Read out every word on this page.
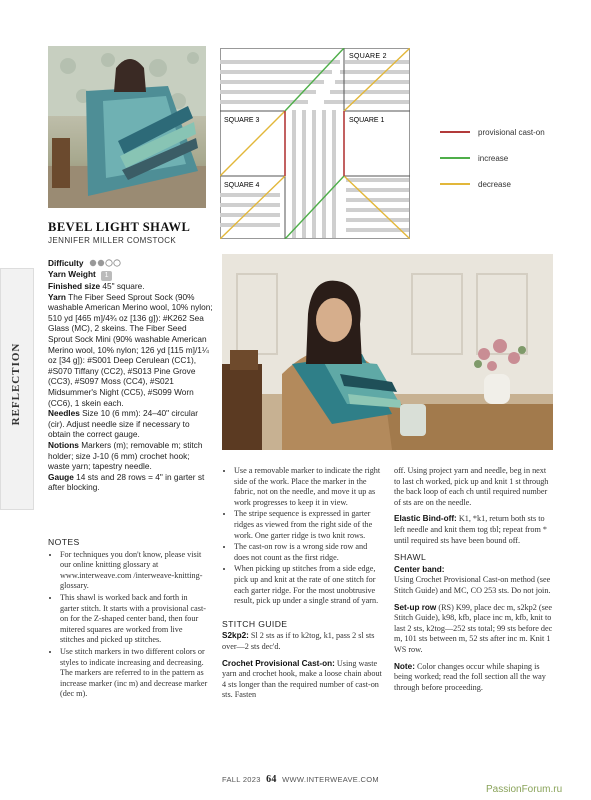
REFLECTION
SQUARE 2
SQUARE 3	SQUARE 1
SQUARE 4
provisional cast-on
increase
decrease
BEVEL LIGHT SHAWL
JENNIFER MILLER COMSTOCK
Difficulty
Yarn Weight 1
Finished size 45" square.
Yarn The Fiber Seed Sprout Sock (90% washable American Merino wool, 10% nylon; 510 yd [465 m]/4¾ oz [136 g]): #K262 Sea Glass (MC), 2 skeins. The Fiber Seed Sprout Sock Mini (90% washable American Merino wool, 10% nylon; 126 yd [115 m]/1¼ oz [34 g]): #S001 Deep Cerulean (CC1), #S070 Tiffany (CC2), #S013 Pine Grove (CC3), #S097 Moss (CC4), #S021 Midsummer's Night (CC5), #S099 Worn (CC6), 1 skein each.
Needles Size 10 (6 mm): 24–40" circular (cir). Adjust needle size if necessary to obtain the correct gauge.
Notions Markers (m); removable m; stitch holder; size J-10 (6 mm) crochet hook; waste yarn; tapestry needle.
Gauge 14 sts and 28 rows = 4" in garter st after blocking.
NOTES
• For techniques you don't know, please visit our online knitting glossary at www.interweave.com /interweave-knitting-glossary.
• This shawl is worked back and forth in garter stitch. It starts with a provisional cast-on for the Z-shaped center band, then four mitered squares are worked from live stitches and picked up stitches.
• Use stitch markers in two different colors or styles to indicate increasing and decreasing. The markers are referred to in the pattern as increase marker (inc m) and decrease marker (dec m).
• Use a removable marker to indicate the right side of the work. Place the marker in the fabric, not on the needle, and move it up as work progresses to keep it in view.
• The stripe sequence is expressed in garter ridges as viewed from the right side of the work. One garter ridge is two knit rows.
• The cast-on row is a wrong side row and does not count as the first ridge.
• When picking up stitches from a side edge, pick up and knit at the rate of one stitch for each garter ridge. For the most unobtrusive result, pick up under a single strand of yarn.
STITCH GUIDE

S2kp2: Sl 2 sts as if to k2tog, k1, pass 2 sl sts over—2 sts dec'd.

Crochet Provisional Cast-on: Using waste yarn and crochet hook, make a loose chain about 4 sts longer than the required number of cast-on sts. Fasten

off. Using project yarn and needle, beg in next to last ch worked, pick up and knit 1 st through the back loop of each ch until required number of sts are on the needle.

Elastic Bind-off: K1, *k1, return both sts to left needle and knit them tog tbl; repeat from * until required sts have been bound off.

SHAWL
Center band:

Using Crochet Provisional Cast-on method (see Stitch Guide) and MC, CO 253 sts. Do not join.

Set-up row (RS) K99, place dec m, s2kp2 (see Stitch Guide), k98, kfb, place inc m, kfb, knit to last 2 sts, k2tog—252 sts total; 99 sts before dec m, 101 sts between m, 52 sts after inc m. Knit 1 WS row.

Note: Color changes occur while shaping is being worked; read the foll section all the way through before proceeding.

FALL 2023 64 WWW.INTERWEAVE.COM
PassionForum.ru
